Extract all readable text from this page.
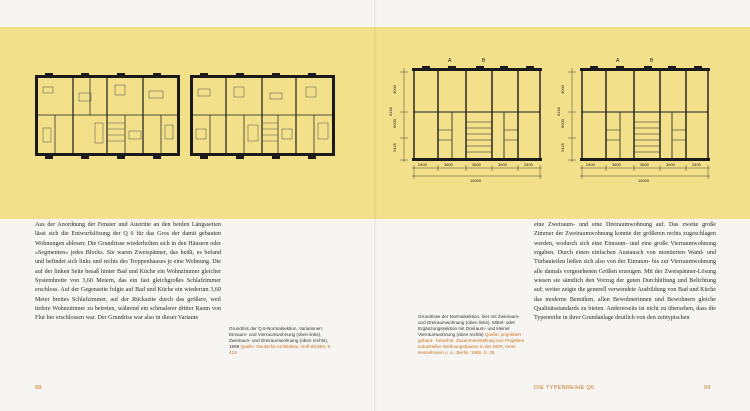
4000
6000
6190
2425
2400	3600	3600	3600	2400
15000
A	B
4000
6000
6190
2425
2400	3600	3600	3600	2400
15000
A	B

Aus der Anordnung der Fenster und Austritte an den beiden Längsseiten lässt sich die Entwurfslösung der Q 6 für das Gros der damit gebauten Wohnungen ablesen: Die Grundrisse wiederholten sich in den Häusern oder »Segmenten« jedes Blocks. Sie waren Zweispänner, das heißt, es befand und befindet sich links und rechts des Treppenhauses je eine Wohnung. Die auf der linken Seite besaß hinter Bad und Küche ein Wohnzimmer gleicher Systembreite von 3,60 Metern, das ein fast gleichgroßes Schlafzimmer erschloss. Auf der Gegenseite folgte auf Bad und Küche ein wiederum 3,60 Meter breites Schlafzimmer, auf der Rückseite durch das größere, weil tiefere Wohnzimmer zu betreten, während ein schmalerer dritter Raum von Flur her erschlossen war. Der Grundriss war also in dieser Variante

Grundriss der Q 6-Normalsektion, Variationen: Einraum- und Vierraumwohnung (oben links), Zweiraum- und Dreiraumwohnung (oben rechts), 1969 Quelle: Deutsche Architektur, Heft 8/1959, S. 419
98
Grundrisse der Normalsektion, hier mit Zweiraum- und Dreiraumwohnung (oben links), Mittel- oder Ergänzungssektion mit Dreiraum- und kleiner Vierraumwohnung (oben rechts) Quelle: projektiert · gebaut · bewohnt. Zusammenstellung von Projekten industrieller Wohnungsbauten in der DDR, Irene Henselmann u. a., Berlin, 1966, S. 25

eine Zweiraum- und eine Dreiraumwohnung auf. Das zweite große Zimmer der Zweiraumwohnung konnte der größeren rechts zugeschlagen werden, wodurch sich eine Einraum- und eine große Vierraumwohnung ergaben. Durch einen einfachen Austausch von montierten Wand- und Türbauteilen ließen sich also von der Einraum- bis zur Vierraumwohnung alle damals vorgesehenen Größen erzeugen. Mit der Zweispänner-Lösung wiesen sie sämtlich den Vorzug der guten Durchlüftung und Belichtung auf; weiter zeigte die generell verwendete Ausbildung von Bad und Küche das moderne Bemühen, allen Bewohnerinnen und Bewohnern gleiche Qualitätsstandards zu bieten. Andererseits ist nicht zu übersehen, dass die Typenreihe in ihrer Grundanlage deutlich von den zeittypischen

DIE TYPENREIHE Q6	99
